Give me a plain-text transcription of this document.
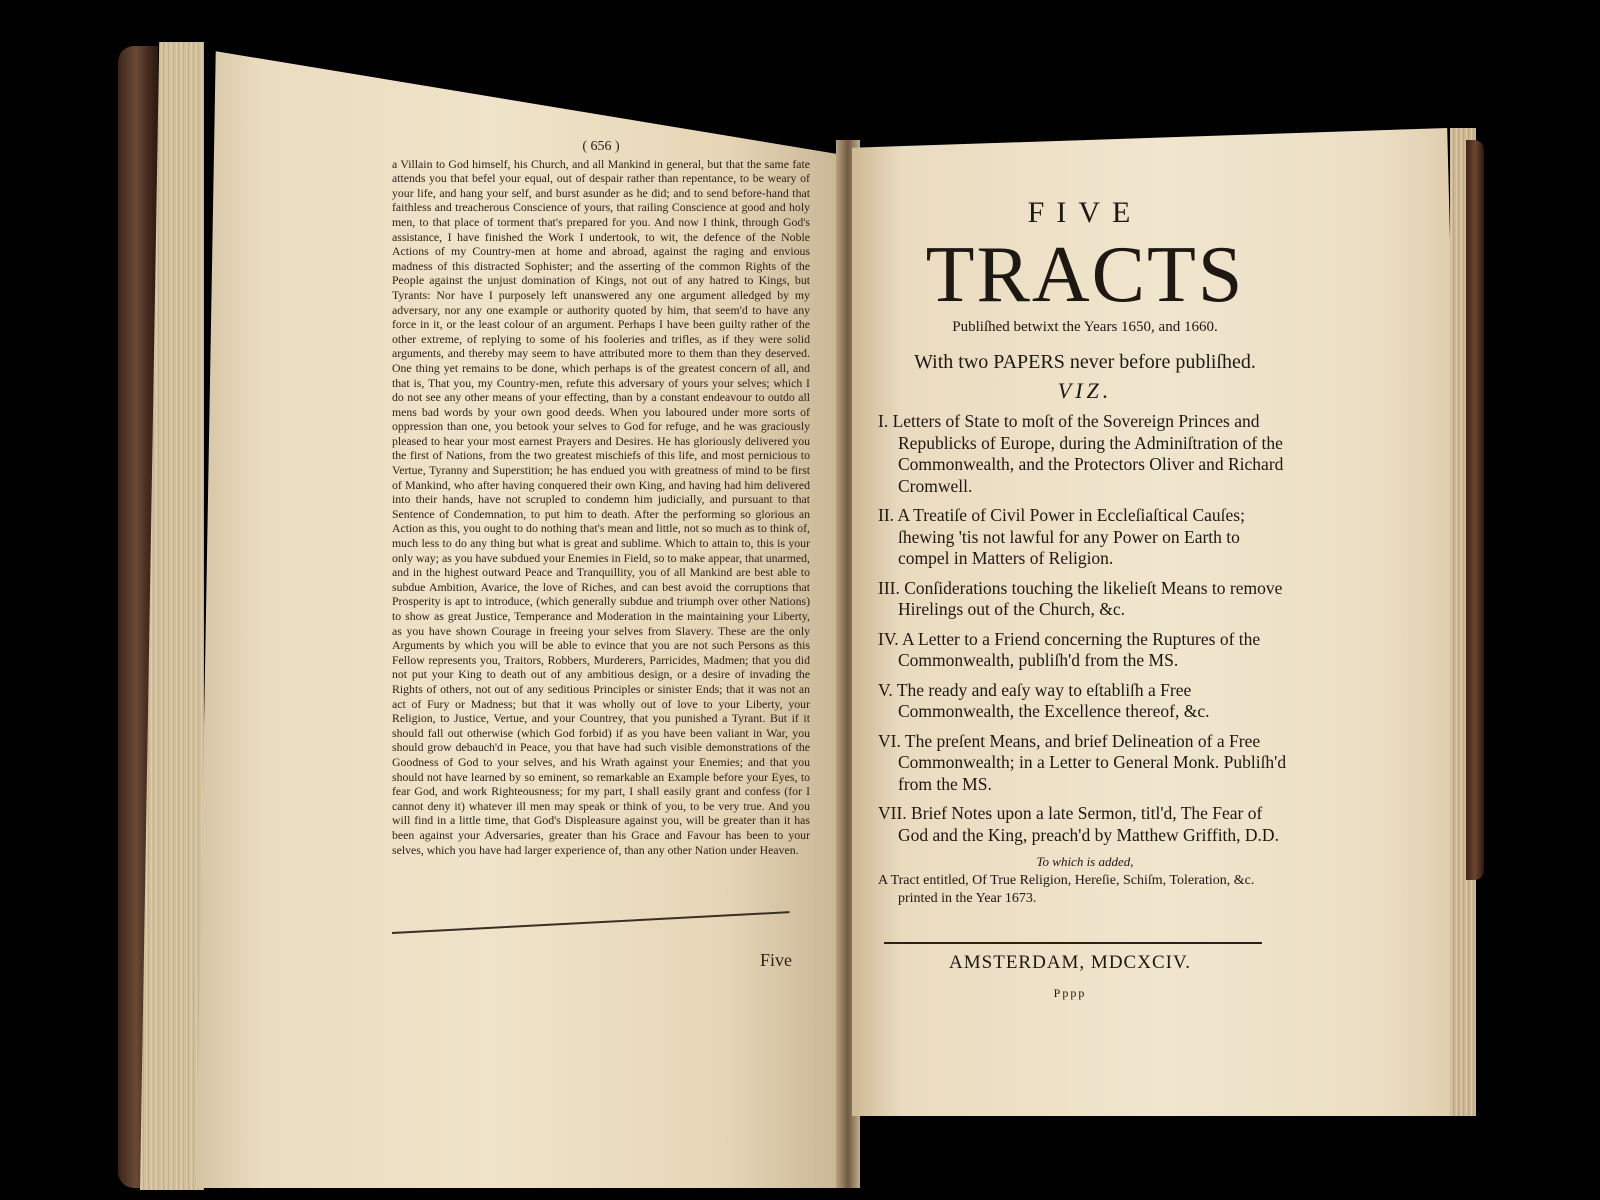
( 656 )

a Villain to God himself, his Church, and all Mankind in general, but that the same fate attends you that befel your equal, out of despair rather than repentance, to be weary of your life, and hang your self, and burst asunder as he did; and to send before-hand that faithless and treacherous Conscience of yours, that railing Conscience at good and holy men, to that place of torment that's prepared for you. And now I think, through God's assistance, I have finished the Work I undertook, to wit, the defence of the Noble Actions of my Country-men at home and abroad, against the raging and envious madness of this distracted Sophister; and the asserting of the common Rights of the People against the unjust domination of Kings, not out of any hatred to Kings, but Tyrants: Nor have I purposely left unanswered any one argument alledged by my adversary, nor any one example or authority quoted by him, that seem'd to have any force in it, or the least colour of an argument. Perhaps I have been guilty rather of the other extreme, of replying to some of his fooleries and trifles, as if they were solid arguments, and thereby may seem to have attributed more to them than they deserved. One thing yet remains to be done, which perhaps is of the greatest concern of all, and that is, That you, my Country-men, refute this adversary of yours your selves; which I do not see any other means of your effecting, than by a constant endeavour to outdo all mens bad words by your own good deeds. When you laboured under more sorts of oppression than one, you betook your selves to God for refuge, and he was graciously pleased to hear your most earnest Prayers and Desires. He has gloriously delivered you the first of Nations, from the two greatest mischiefs of this life, and most pernicious to Vertue, Tyranny and Superstition; he has endued you with greatness of mind to be first of Mankind, who after having conquered their own King, and having had him delivered into their hands, have not scrupled to condemn him judicially, and pursuant to that Sentence of Condemnation, to put him to death. After the performing so glorious an Action as this, you ought to do nothing that's mean and little, not so much as to think of, much less to do any thing but what is great and sublime. Which to attain to, this is your only way; as you have subdued your Enemies in Field, so to make appear, that unarmed, and in the highest outward Peace and Tranquillity, you of all Mankind are best able to subdue Ambition, Avarice, the love of Riches, and can best avoid the corruptions that Prosperity is apt to introduce, (which generally subdue and triumph over other Nations) to show as great Justice, Temperance and Moderation in the maintaining your Liberty, as you have shown Courage in freeing your selves from Slavery. These are the only Arguments by which you will be able to evince that you are not such Persons as this Fellow represents you, Traitors, Robbers, Murderers, Parricides, Madmen; that you did not put your King to death out of any ambitious design, or a desire of invading the Rights of others, not out of any seditious Principles or sinister Ends; that it was not an act of Fury or Madness; but that it was wholly out of love to your Liberty, your Religion, to Justice, Vertue, and your Countrey, that you punished a Tyrant. But if it should fall out otherwise (which God forbid) if as you have been valiant in War, you should grow debauch'd in Peace, you that have had such visible demonstrations of the Goodness of God to your selves, and his Wrath against your Enemies; and that you should not have learned by so eminent, so remarkable an Example before your Eyes, to fear God, and work Righteousness; for my part, I shall easily grant and confess (for I cannot deny it) whatever ill men may speak or think of you, to be very true. And you will find in a little time, that God's Displeasure against you, will be greater than it has been against your Adversaries, greater than his Grace and Favour has been to your selves, which you have had larger experience of, than any other Nation under Heaven.
Five

FIVE

TRACTS

Publiſhed betwixt the Years 1650, and 1660.

With two PAPERS never before publiſhed.

VIZ.

I. Letters of State to moſt of the Sovereign Princes and Republicks of Europe, during the Adminiſtration of the Commonwealth, and the Protectors Oliver and Richard Cromwell.

II. A Treatiſe of Civil Power in Eccleſiaſtical Cauſes; ſhewing 'tis not lawful for any Power on Earth to compel in Matters of Religion.

III. Conſiderations touching the likelieſt Means to remove Hirelings out of the Church, &c.

IV. A Letter to a Friend concerning the Ruptures of the Commonwealth, publiſh'd from the MS.

V. The ready and eaſy way to eſtabliſh a Free Commonwealth, the Excellence thereof, &c.

VI. The preſent Means, and brief Delineation of a Free Commonwealth; in a Letter to General Monk. Publiſh'd from the MS.

VII. Brief Notes upon a late Sermon, titl'd, The Fear of God and the King, preach'd by Matthew Griffith, D.D.

To which is added,

A Tract entitled, Of True Religion, Hereſie, Schiſm, Toleration, &c. printed in the Year 1673.

AMSTERDAM, MDCXCIV.
Pppp
